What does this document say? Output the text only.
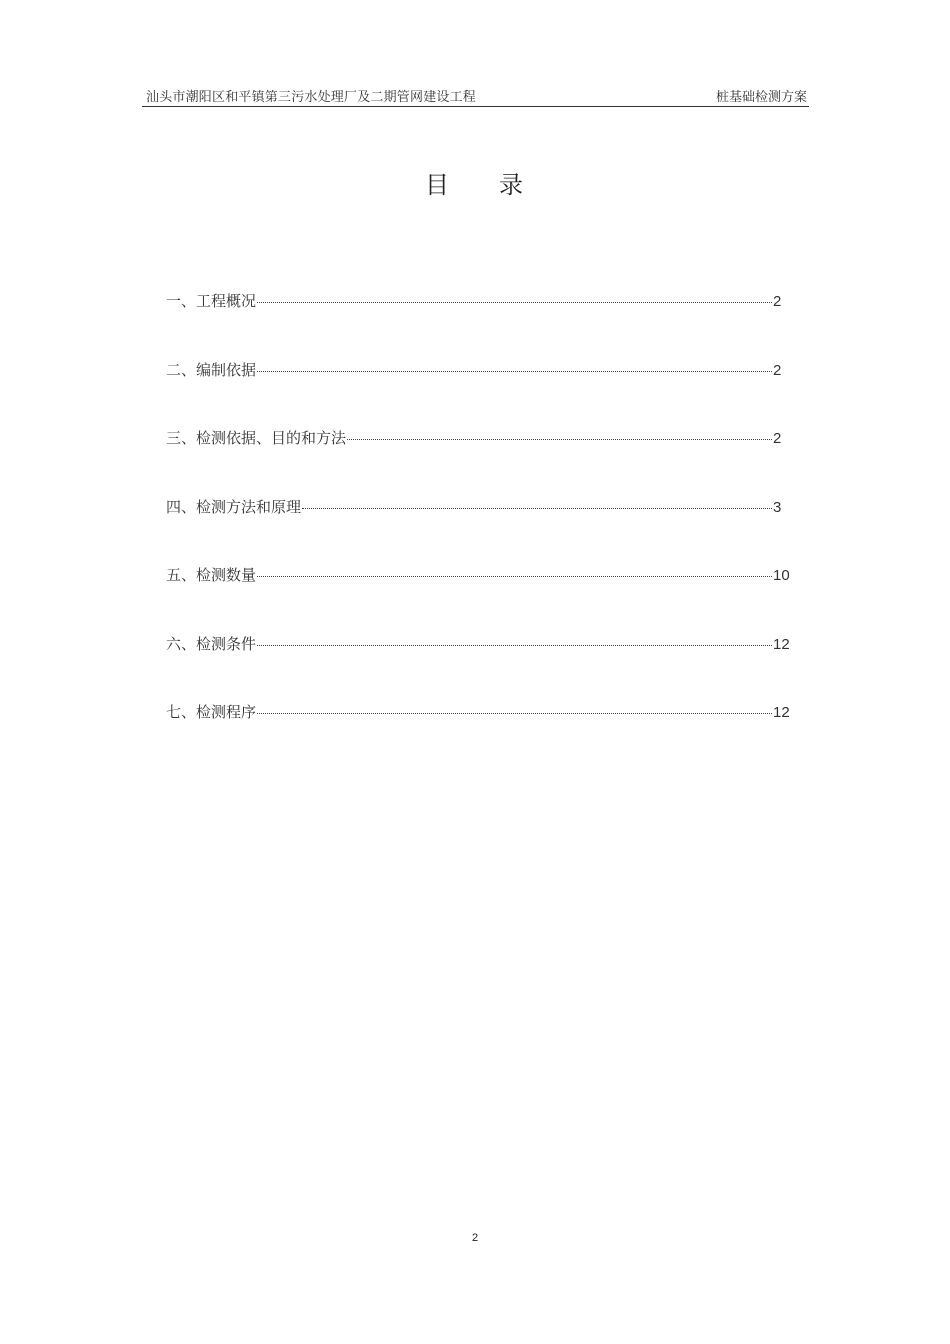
汕头市潮阳区和平镇第三污水处理厂及二期管网建设工程	桩基础检测方案
目 录
一、工程概况	2
二、编制依据	2
三、检测依据、目的和方法	2
四、检测方法和原理	3
五、检测数量	10
六、检测条件	12
七、检测程序	12
2
